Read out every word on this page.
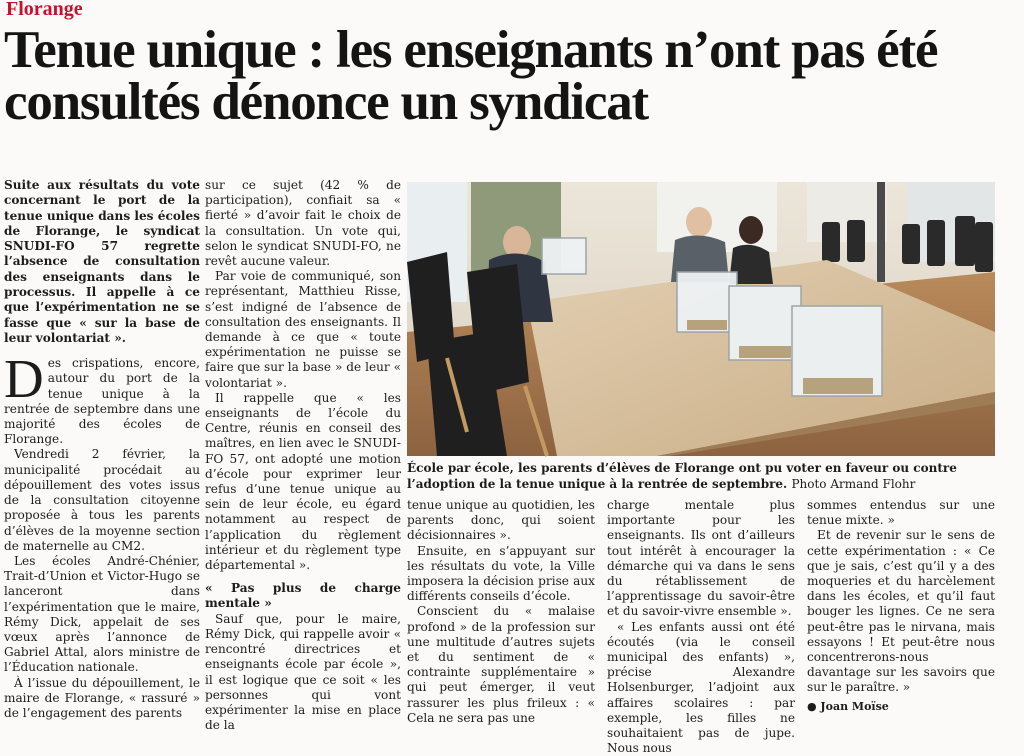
Florange
Tenue unique : les enseignants n’ont pas été consultés dénonce un syndicat

Suite aux résultats du vote concernant le port de la tenue unique dans les écoles de Florange, le syndicat SNUDI-FO 57 regrette l’absence de consultation des enseignants dans le processus. Il appelle à ce que l’expérimentation ne se fasse que « sur la base de leur volontariat ».

Des crispations, encore, autour du port de la tenue unique à la rentrée de septembre dans une majorité des écoles de Florange.

Vendredi 2 février, la municipalité procédait au dépouillement des votes issus de la consultation citoyenne proposée à tous les parents d’élèves de la moyenne section de maternelle au CM2.

Les écoles André-Chénier, Trait-d’Union et Victor-Hugo se lanceront dans l’expérimentation que le maire, Rémy Dick, appelait de ses vœux après l’annonce de Gabriel Attal, alors ministre de l’Éducation nationale.

À l’issue du dépouillement, le maire de Florange, « rassuré » de l’engagement des parents

sur ce sujet (42 % de participation), confiait sa « fierté » d’avoir fait le choix de la consultation. Un vote qui, selon le syndicat SNUDI-FO, ne revêt aucune valeur.

Par voie de communiqué, son représentant, Matthieu Risse, s’est indigné de l’absence de consultation des enseignants. Il demande à ce que « toute expérimentation ne puisse se faire que sur la base » de leur « volontariat ».

Il rappelle que « les enseignants de l’école du Centre, réunis en conseil des maîtres, en lien avec le SNUDI-FO 57, ont adopté une motion d’école pour exprimer leur refus d’une tenue unique au sein de leur école, eu égard notamment au respect de l’application du règlement intérieur et du règlement type départemental ».

« Pas plus de charge mentale »

Sauf que, pour le maire, Rémy Dick, qui rappelle avoir « rencontré directrices et enseignants école par école », il est logique que ce soit « les personnes qui vont expérimenter la mise en place de la

École par école, les parents d’élèves de Florange ont pu voter en faveur ou contre l’adoption de la tenue unique à la rentrée de septembre. Photo Armand Flohr

tenue unique au quotidien, les parents donc, qui soient décisionnaires ».

Ensuite, en s’appuyant sur les résultats du vote, la Ville imposera la décision prise aux différents conseils d’école.

Conscient du « malaise profond » de la profession sur une multitude d’autres sujets et du sentiment de « contrainte supplémentaire » qui peut émerger, il veut rassurer les plus frileux : « Cela ne sera pas une

charge mentale plus importante pour les enseignants. Ils ont d’ailleurs tout intérêt à encourager la démarche qui va dans le sens du rétablissement de l’apprentissage du savoir-être et du savoir-vivre ensemble ».

« Les enfants aussi ont été écoutés (via le conseil municipal des enfants) », précise Alexandre Holsenburger, l’adjoint aux affaires scolaires : par exemple, les filles ne souhaitaient pas de jupe. Nous nous

sommes entendus sur une tenue mixte. »

Et de revenir sur le sens de cette expérimentation : « Ce que je sais, c’est qu’il y a des moqueries et du harcèlement dans les écoles, et qu’il faut bouger les lignes. Ce ne sera peut-être pas le nirvana, mais essayons ! Et peut-être nous concentrerons-nous davantage sur les savoirs que sur le paraître. »

● Joan Moïse
